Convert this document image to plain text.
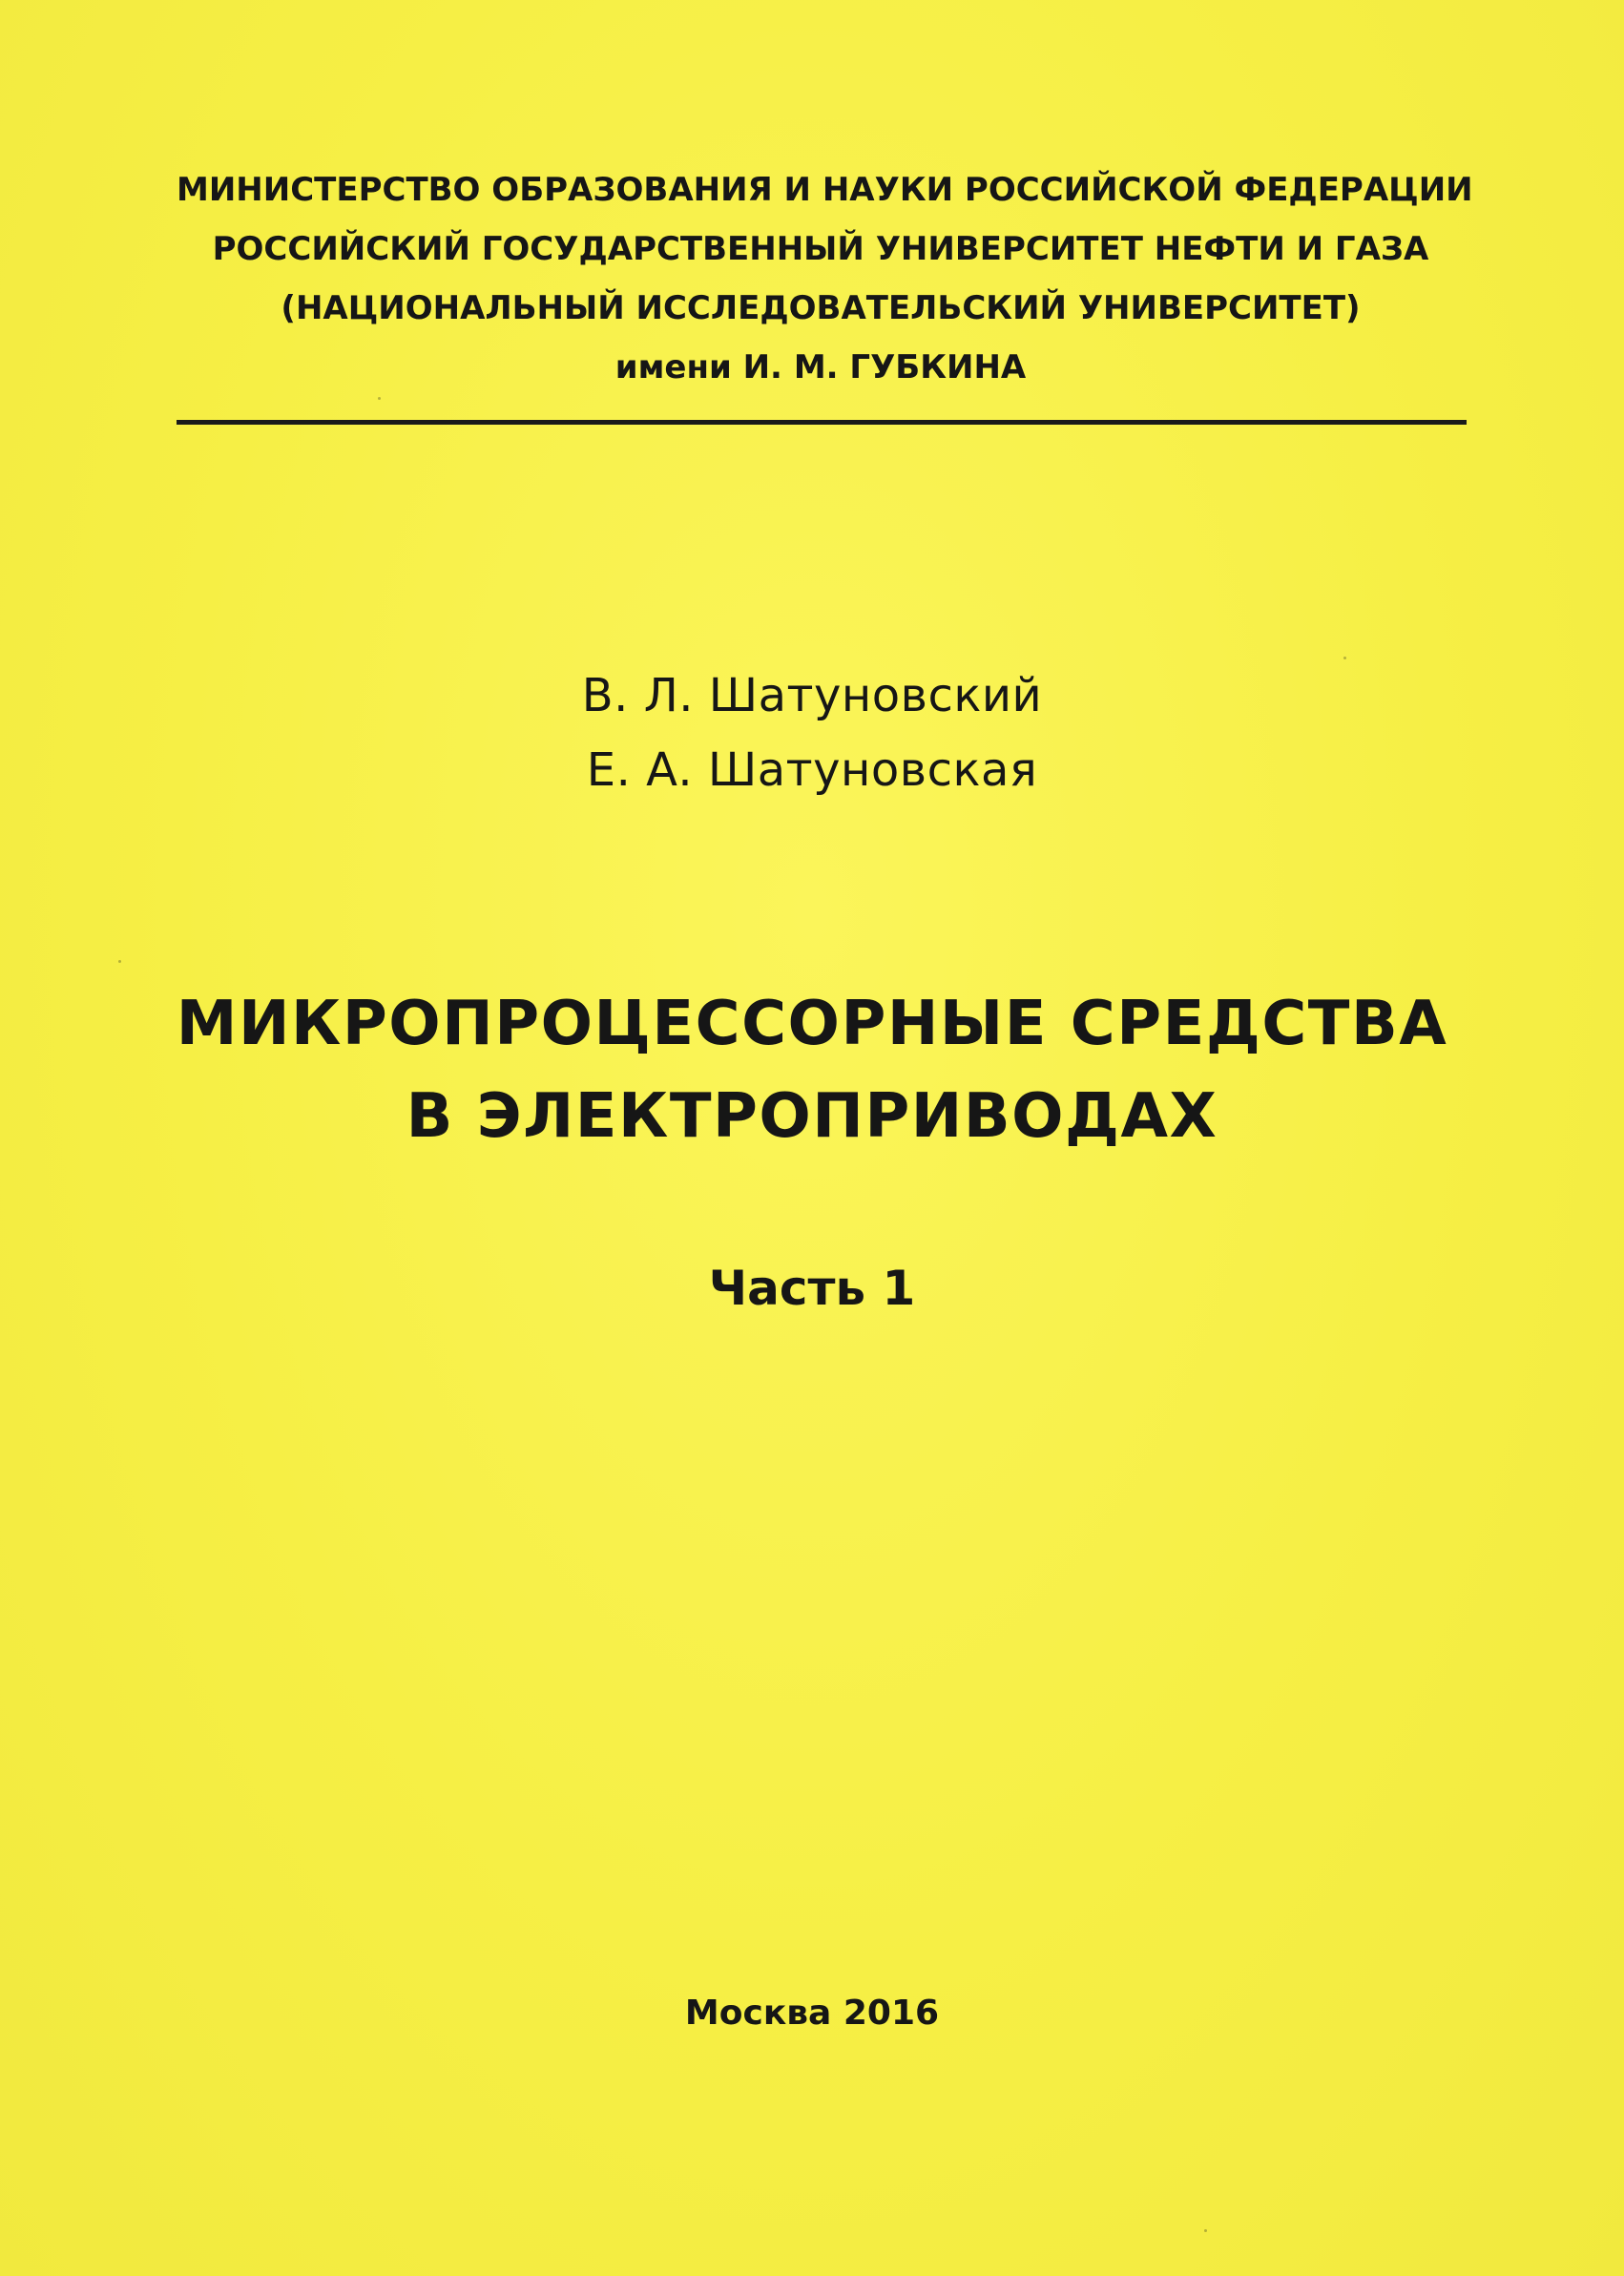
МИНИСТЕРСТВО ОБРАЗОВАНИЯ И НАУКИ РОССИЙСКОЙ ФЕДЕРАЦИИ
РОССИЙСКИЙ ГОСУДАРСТВЕННЫЙ УНИВЕРСИТЕТ НЕФТИ И ГАЗА
(НАЦИОНАЛЬНЫЙ ИССЛЕДОВАТЕЛЬСКИЙ УНИВЕРСИТЕТ)
имени И. М. ГУБКИНА
В. Л. Шатуновский
Е. А. Шатуновская
МИКРОПРОЦЕССОРНЫЕ СРЕДСТВА
В ЭЛЕКТРОПРИВОДАХ
Часть 1
Москва 2016
